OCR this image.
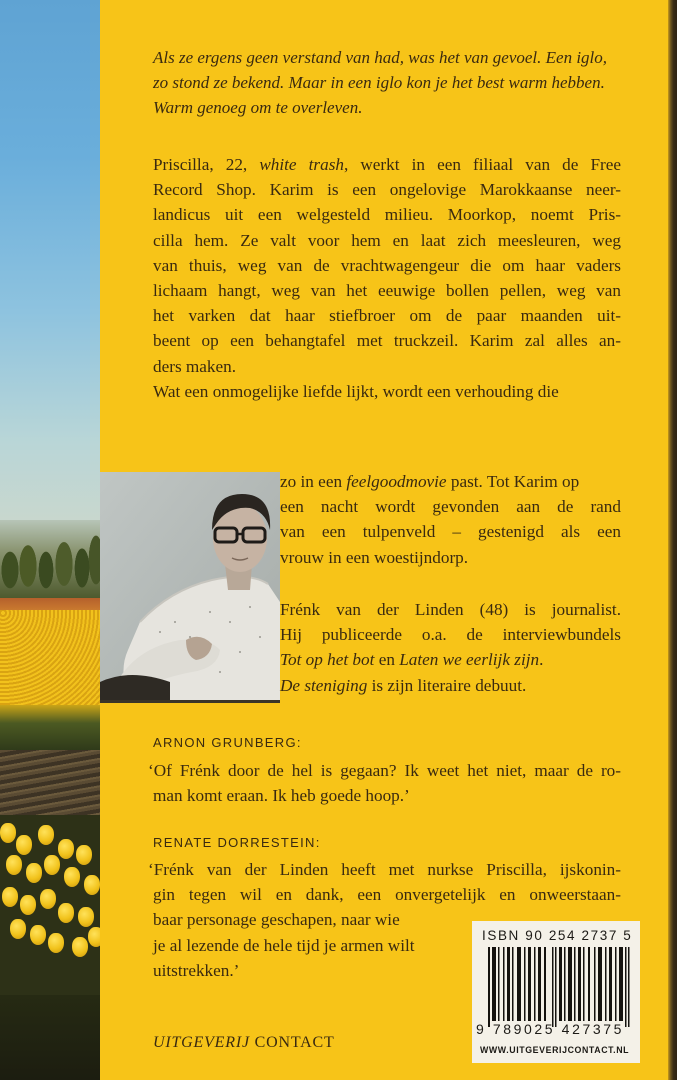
Als ze ergens geen verstand van had, was het van gevoel. Een iglo,
zo stond ze bekend. Maar in een iglo kon je het best warm hebben.
Warm genoeg om te overleven.
Priscilla, 22, white trash, werkt in een filiaal van de Free
Record Shop. Karim is een ongelovige Marokkaanse neer-
landicus uit een welgesteld milieu. Moorkop, noemt Pris-
cilla hem. Ze valt voor hem en laat zich meesleuren, weg
van thuis, weg van de vrachtwagengeur die om haar vaders
lichaam hangt, weg van het eeuwige bollen pellen, weg van
het varken dat haar stiefbroer om de paar maanden uit-
beent op een behangtafel met truckzeil. Karim zal alles an-
ders maken.
Wat een onmogelijke liefde lijkt, wordt een verhouding die
zo in een feelgoodmovie past. Tot Karim op
een nacht wordt gevonden aan de rand
van een tulpenveld – gestenigd als een
vrouw in een woestijndorp.
Frénk van der Linden (48) is journalist.
Hij publiceerde o.a. de interviewbundels
Tot op het bot en Laten we eerlijk zijn.
De steniging is zijn literaire debuut.
ARNON GRUNBERG:
‘Of Frénk door de hel is gegaan? Ik weet het niet, maar de ro-
man komt eraan. Ik heb goede hoop.’
RENATE DORRESTEIN:
‘Frénk van der Linden heeft met nurkse Priscilla, ijskonin-
gin tegen wil en dank, een onvergetelijk en onweerstaan-
baar personage geschapen, naar wie
je al lezende de hele tijd je armen wilt
uitstrekken.’
ISBN 90 254 2737 5
9 789025 427375
WWW.UITGEVERIJCONTACT.NL
UITGEVERIJ CONTACT
